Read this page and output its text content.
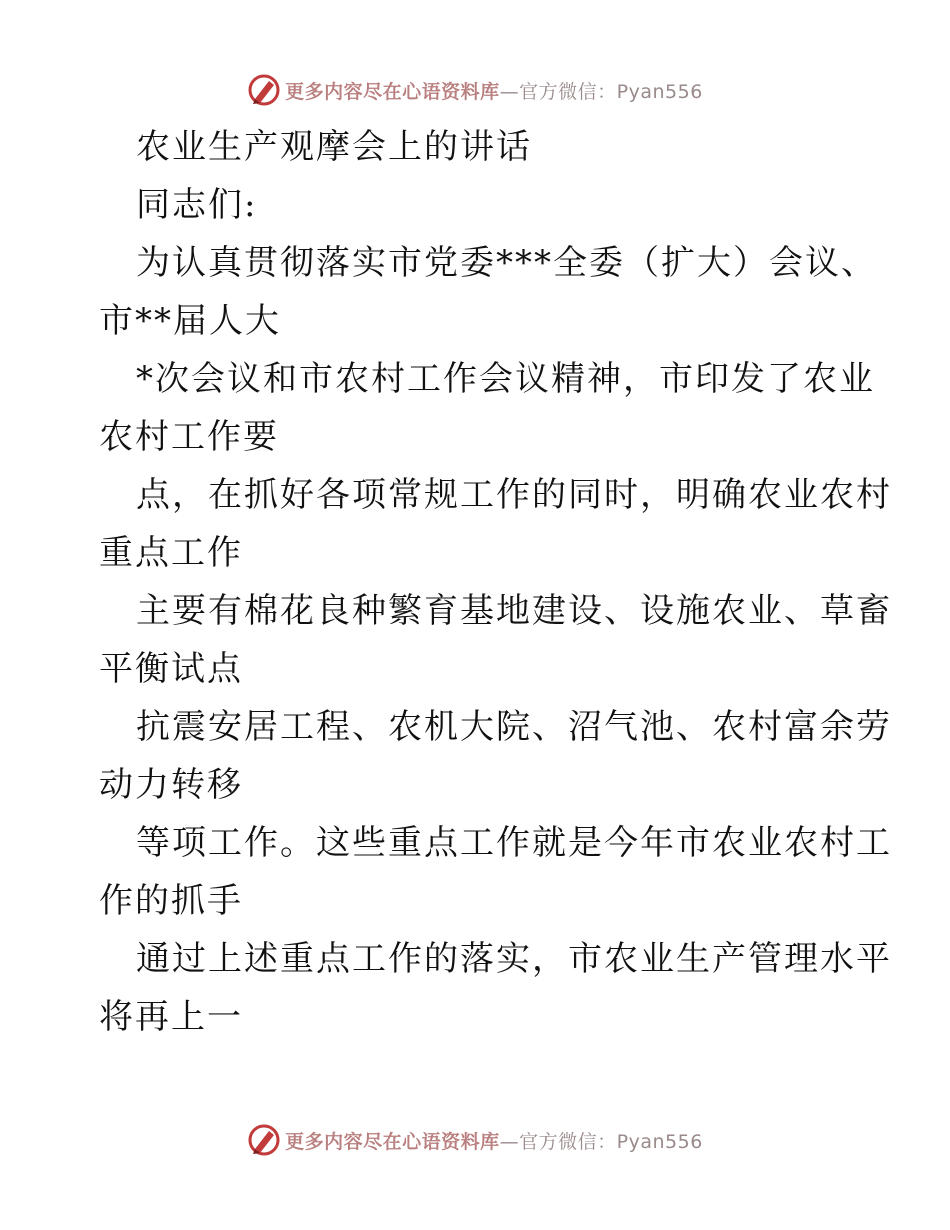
更多内容尽在心语资料库—官方微信：Pyan556
农业生产观摩会上的讲话
同志们:
为认真贯彻落实市党委***全委（扩大）会议、
市**届人大
*次会议和市农村工作会议精神，市印发了农业
农村工作要
点，在抓好各项常规工作的同时，明确农业农村
重点工作
主要有棉花良种繁育基地建设、设施农业、草畜
平衡试点
抗震安居工程、农机大院、沼气池、农村富余劳
动力转移
等项工作。这些重点工作就是今年市农业农村工
作的抓手
通过上述重点工作的落实，市农业生产管理水平
将再上一
更多内容尽在心语资料库—官方微信：Pyan556
